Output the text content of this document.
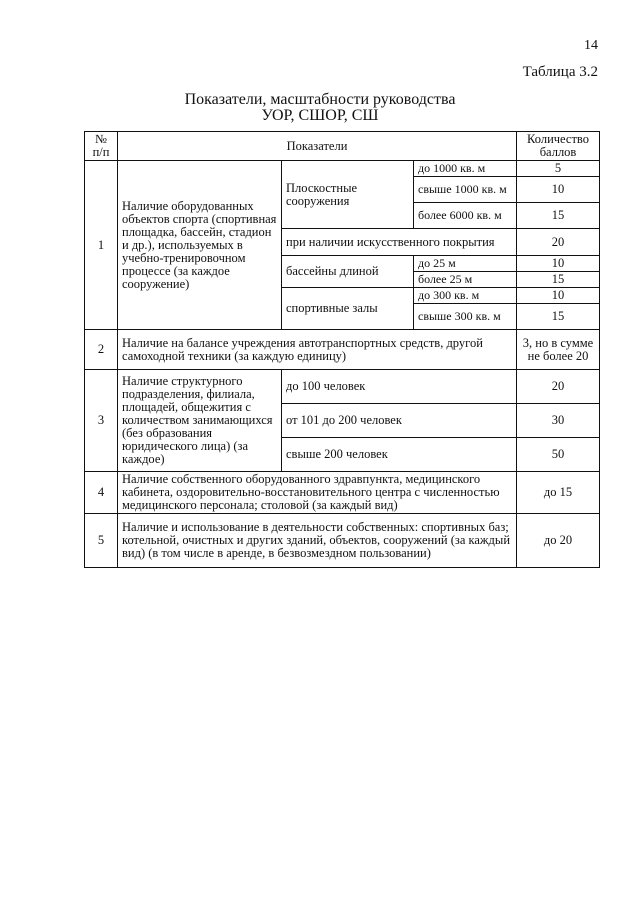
14
Таблица 3.2
Показатели, масштабности руководства
УОР, СШОР, СШ
№ п/п	Показатели			Количество баллов
1	Наличие оборудованных объектов спорта (спортивная площадка, бассейн, стадион и др.), используемых в учебно-тренировочном процессе (за каждое сооружение)	Плоскостные сооружения	до 1000 кв. м	5
			свыше 1000 кв. м	10
			более 6000 кв. м	15
		при наличии искусственного покрытия		20
		бассейны длиной	до 25 м	10
			более 25 м	15
		спортивные залы	до 300 кв. м	10
			свыше 300 кв. м	15

2	Наличие на балансе учреждения автотранспортных средств, другой самоходной техники (за каждую единицу)			3, но в сумме не более 20
3	Наличие структурного подразделения, филиала, площадей, общежития с количеством занимающихся (без образования юридического лица) (за каждое)	до 100 человек		20
		от 101 до 200 человек		30
		свыше 200 человек		50
4	Наличие собственного оборудованного здравпункта, медицинского кабинета, оздоровительно-восстановительного центра с численностью медицинского персонала; столовой (за каждый вид)			до 15
5	Наличие и использование в деятельности собственных: спортивных баз; котельной, очистных и других зданий, объектов, сооружений (за каждый вид) (в том числе в аренде, в безвозмездном пользовании)			до 20
